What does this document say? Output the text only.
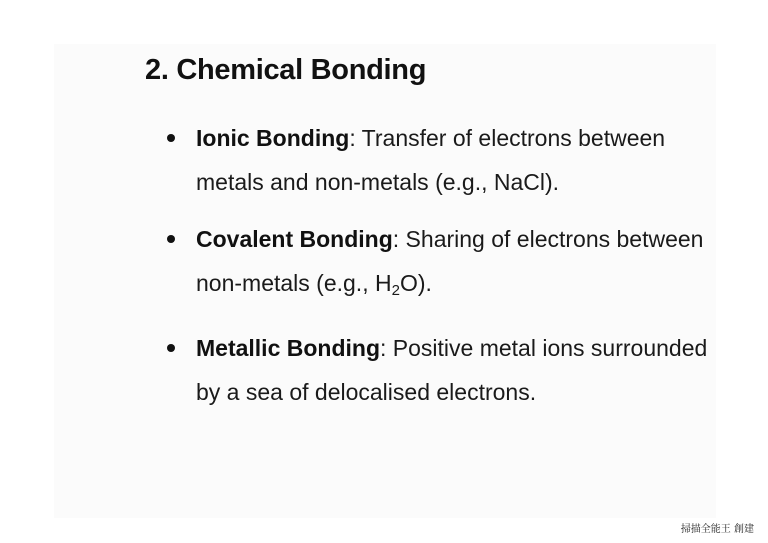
2. Chemical Bonding
Ionic Bonding: Transfer of electrons between metals and non-metals (e.g., NaCl).
Covalent Bonding: Sharing of electrons between non-metals (e.g., $H_2O$).
Metallic Bonding: Positive metal ions surrounded by a sea of delocalised electrons.
掃描全能王 創建
